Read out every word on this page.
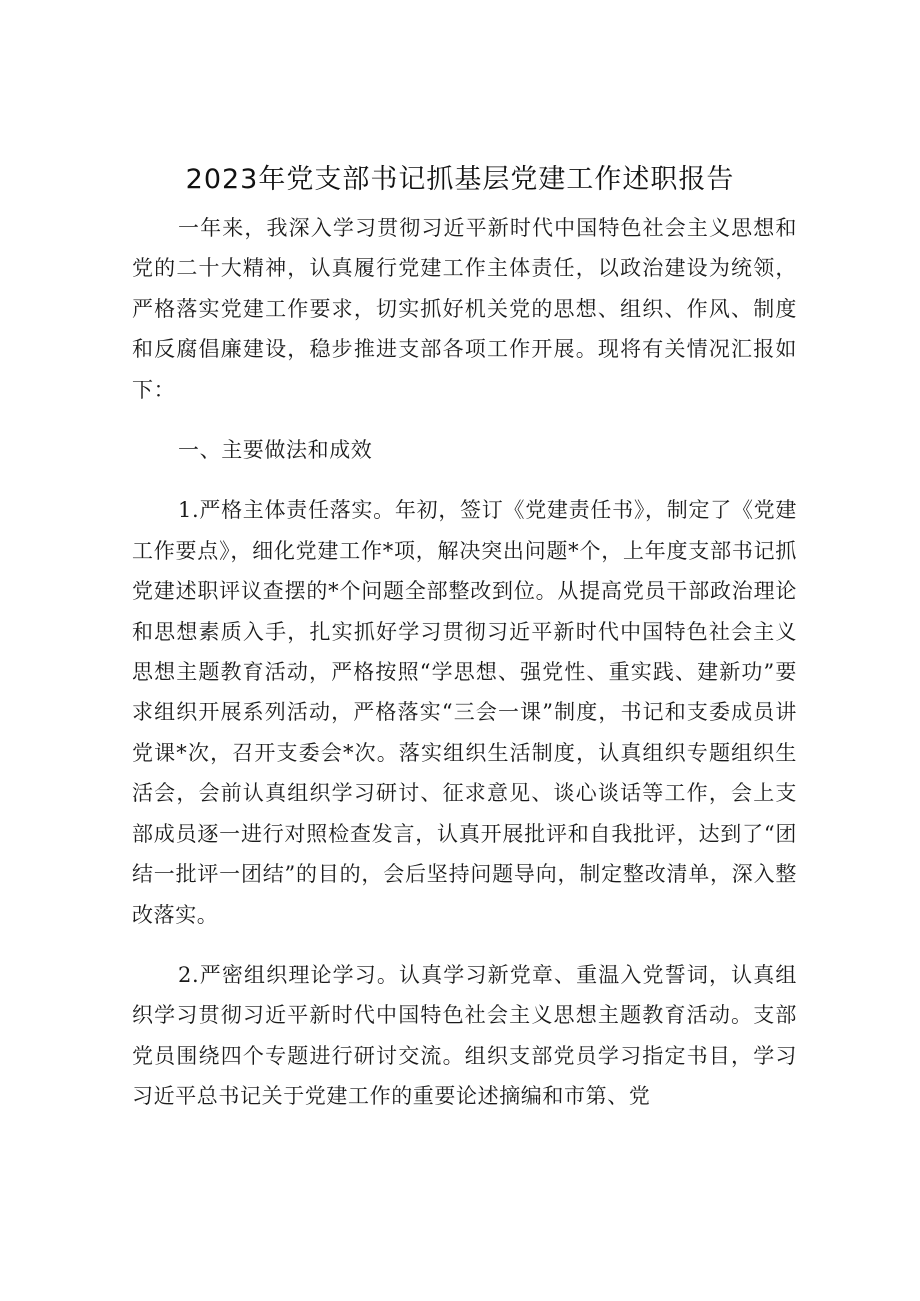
2023年党支部书记抓基层党建工作述职报告

一年来，我深入学习贯彻习近平新时代中国特色社会主义思想和党的二十大精神，认真履行党建工作主体责任，以政治建设为统领，严格落实党建工作要求，切实抓好机关党的思想、组织、作风、制度和反腐倡廉建设，稳步推进支部各项工作开展。现将有关情况汇报如下：

一、主要做法和成效

1.严格主体责任落实。年初，签订《党建责任书》，制定了《党建工作要点》，细化党建工作*项，解决突出问题*个，上年度支部书记抓党建述职评议查摆的*个问题全部整改到位。从提高党员干部政治理论和思想素质入手，扎实抓好学习贯彻习近平新时代中国特色社会主义思想主题教育活动，严格按照“学思想、强党性、重实践、建新功”要求组织开展系列活动，严格落实“三会一课”制度，书记和支委成员讲党课*次，召开支委会*次。落实组织生活制度，认真组织专题组织生活会，会前认真组织学习研讨、征求意见、谈心谈话等工作，会上支部成员逐一进行对照检查发言，认真开展批评和自我批评，达到了“团结一批评一团结”的目的，会后坚持问题导向，制定整改清单，深入整改落实。

2.严密组织理论学习。认真学习新党章、重温入党誓词，认真组织学习贯彻习近平新时代中国特色社会主义思想主题教育活动。支部党员围绕四个专题进行研讨交流。组织支部党员学习指定书目，学习习近平总书记关于党建工作的重要论述摘编和市第、党
